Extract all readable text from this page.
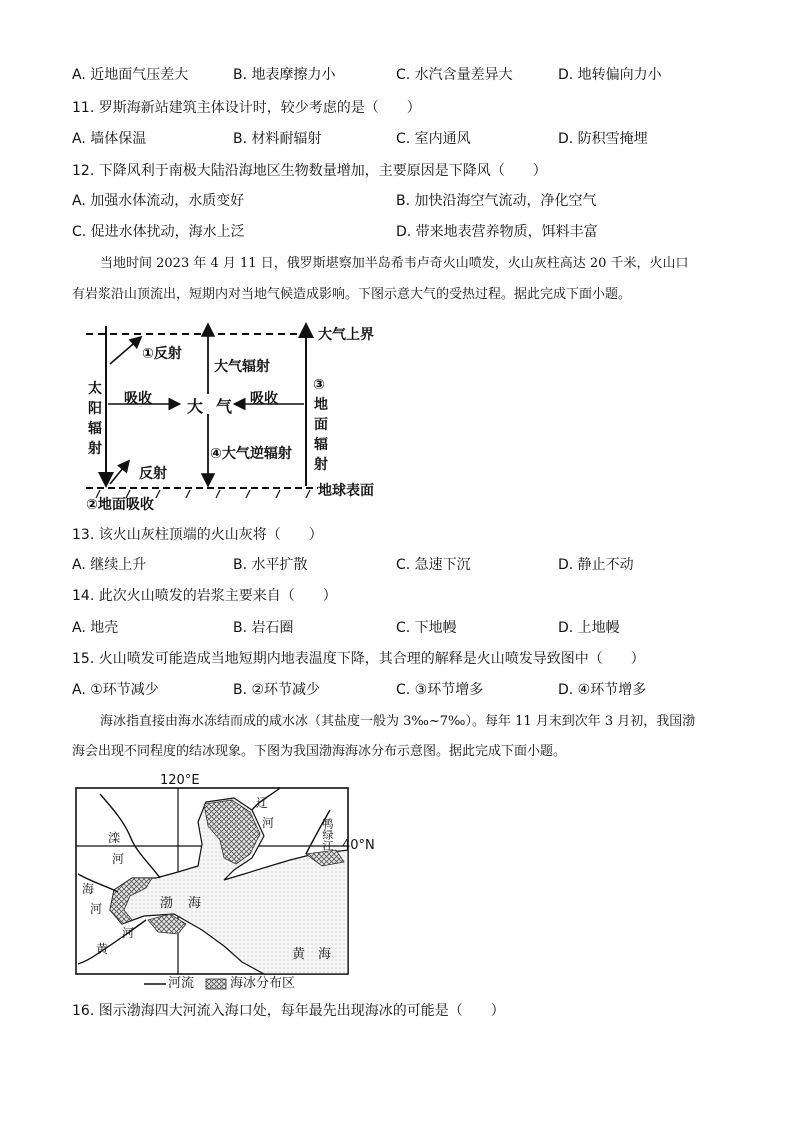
A. 近地面气压差大	B. 地表摩擦力小	C. 水汽含量差异大	D. 地转偏向力小
11. 罗斯海新站建筑主体设计时，较少考虑的是（　　）
A. 墙体保温	B. 材料耐辐射	C. 室内通风	D. 防积雪掩埋
12. 下降风利于南极大陆沿海地区生物数量增加，主要原因是下降风（　　）
A. 加强水体流动，水质变好	B. 加快沿海空气流动，净化空气
C. 促进水体扰动，海水上泛	D. 带来地表营养物质，饵料丰富
当地时间 2023 年 4 月 11 日，俄罗斯堪察加半岛希韦卢奇火山喷发，火山灰柱高达 20 千米，火山口
有岩浆沿山顶流出，短期内对当地气候造成影响。下图示意大气的受热过程。据此完成下面小题。
大气上界
地球表面
①反射
反射
②地面吸收
吸收	吸收
大 气
大气辐射
④大气逆辐射
太
阳
辐
射
③
地
面
辐
射
13. 该火山灰柱顶端的火山灰将（　　）
A. 继续上升	B. 水平扩散	C. 急速下沉	D. 静止不动
14. 此次火山喷发的岩浆主要来自（　　）
A. 地壳	B. 岩石圈	C. 下地幔	D. 上地幔
15. 火山喷发可能造成当地短期内地表温度下降，其合理的解释是火山喷发导致图中（　　）
A. ①环节减少	B. ②环节减少	C. ③环节增多	D. ④环节增多
海冰指直接由海水冻结而成的咸水冰（其盐度一般为 3‰~7‰）。每年 11 月末到次年 3 月初，我国渤
海会出现不同程度的结冰现象。下图为我国渤海海冰分布示意图。据此完成下面小题。
120°E
40°N
辽
河
滦
河
海
河
黄
河
鸭绿江
渤 海
黄　海
河流	海冰分布区
16. 图示渤海四大河流入海口处，每年最先出现海冰的可能是（　　）
